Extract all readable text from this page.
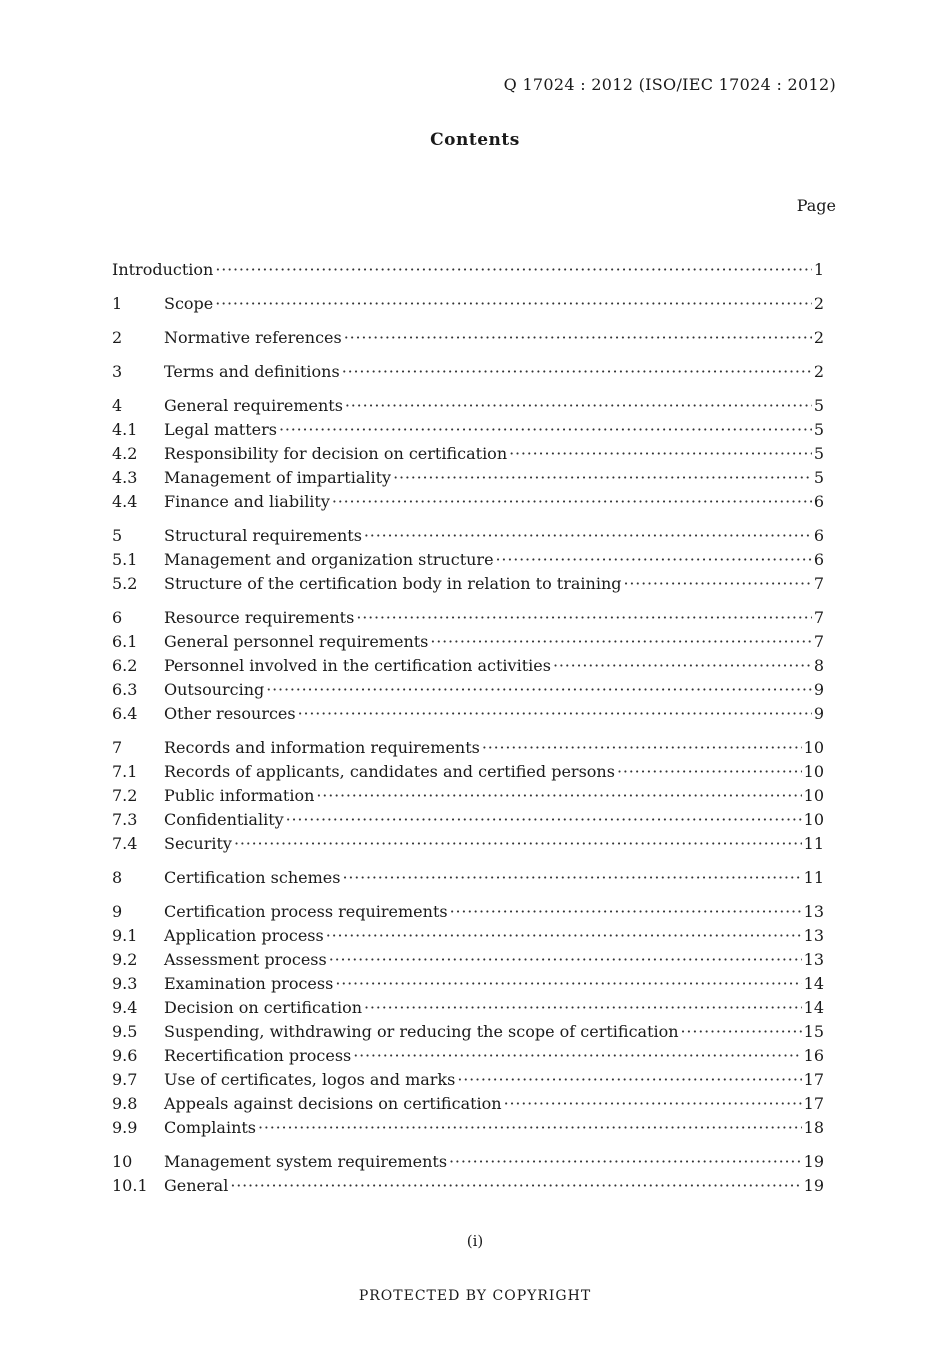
Q 17024 : 2012 (ISO/IEC 17024 : 2012)
Contents
Page
Introduction ·····	1
1	Scope ·····	2
2	Normative references ·····	2
3	Terms and definitions ·····	2
4	General requirements ·····	5
4.1	Legal matters ·····	5
4.2	Responsibility for decision on certification ·····	5
4.3	Management of impartiality ·····	5
4.4	Finance and liability ·····	6
5	Structural requirements ·····	6
5.1	Management and organization structure ·····	6
5.2	Structure of the certification body in relation to training ·····	7
6	Resource requirements ·····	7
6.1	General personnel requirements ·····	7
6.2	Personnel involved in the certification activities ·····	8
6.3	Outsourcing ·····	9
6.4	Other resources ·····	9
7	Records and information requirements ·····	10
7.1	Records of applicants, candidates and certified persons ·····	10
7.2	Public information ·····	10
7.3	Confidentiality ·····	10
7.4	Security ·····	11
8	Certification schemes ·····	11
9	Certification process requirements ·····	13
9.1	Application process ·····	13
9.2	Assessment process ·····	13
9.3	Examination process ·····	14
9.4	Decision on certification ·····	14
9.5	Suspending, withdrawing or reducing the scope of certification ·····	15
9.6	Recertification process ·····	16
9.7	Use of certificates, logos and marks ·····	17
9.8	Appeals against decisions on certification ·····	17
9.9	Complaints ·····	18
10	Management system requirements ·····	19
10.1	General ·····	19
(i)
PROTECTED BY COPYRIGHT
